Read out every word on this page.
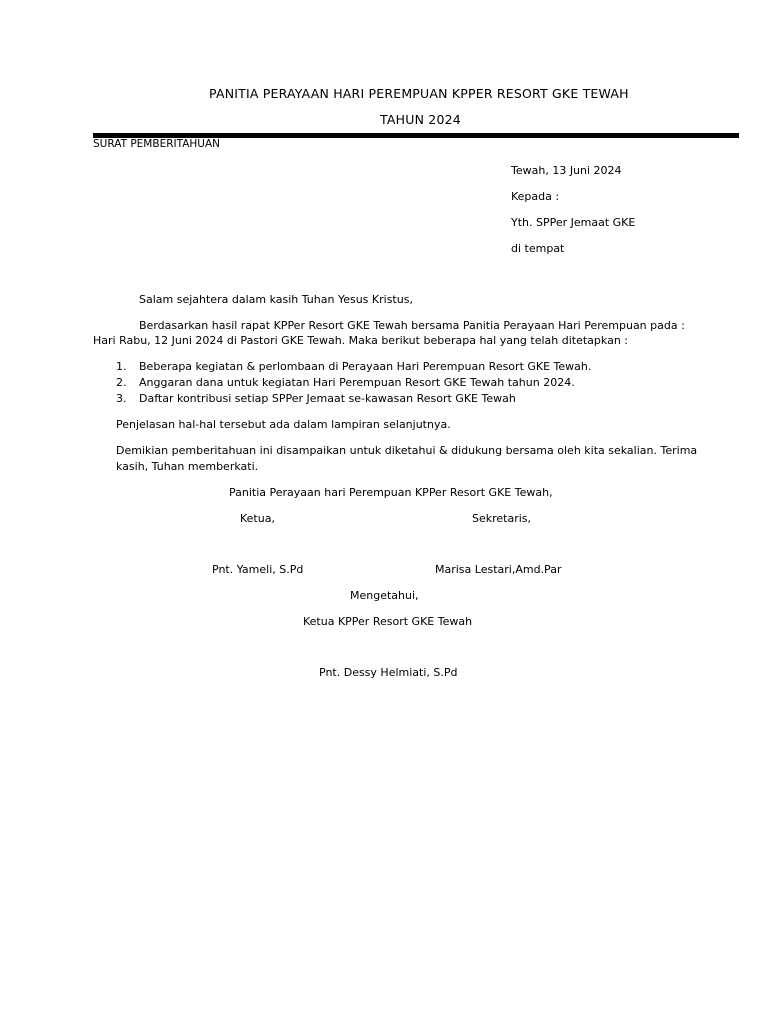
PANITIA PERAYAAN HARI PEREMPUAN KPPER RESORT GKE TEWAH
TAHUN 2024
SURAT PEMBERITAHUAN
Tewah, 13 Juni 2024
Kepada :
Yth. SPPer Jemaat GKE
di tempat
Salam sejahtera dalam kasih Tuhan Yesus Kristus,
Berdasarkan hasil rapat KPPer Resort GKE Tewah bersama Panitia Perayaan Hari Perempuan pada :
Hari Rabu, 12 Juni 2024 di Pastori GKE Tewah. Maka berikut beberapa hal yang telah ditetapkan :
1. Beberapa kegiatan & perlombaan di Perayaan Hari Perempuan Resort GKE Tewah.
2. Anggaran dana untuk kegiatan Hari Perempuan Resort GKE Tewah tahun 2024.
3. Daftar kontribusi setiap SPPer Jemaat se-kawasan Resort GKE Tewah
Penjelasan hal-hal tersebut ada dalam lampiran selanjutnya.
Demikian pemberitahuan ini disampaikan untuk diketahui & didukung bersama oleh kita sekalian. Terima
kasih, Tuhan memberkati.
Panitia Perayaan hari Perempuan KPPer Resort GKE Tewah,
Ketua,	Sekretaris,
Pnt. Yameli, S.Pd	Marisa Lestari,Amd.Par
Mengetahui,
Ketua KPPer Resort GKE Tewah
Pnt. Dessy Helmiati, S.Pd
